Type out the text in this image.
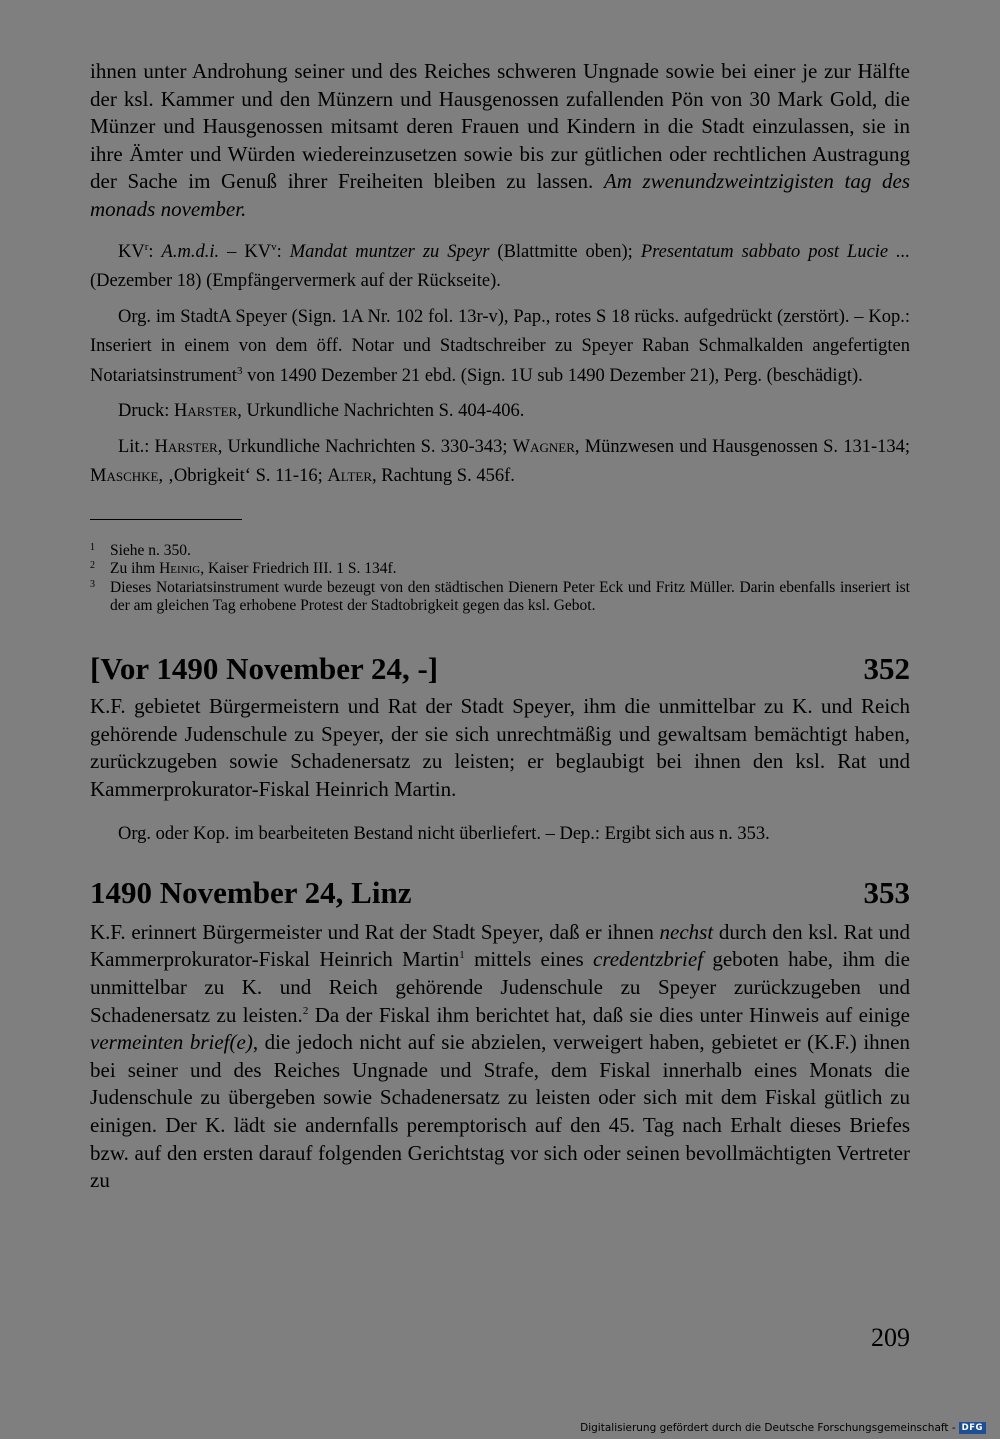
ihnen unter Androhung seiner und des Reiches schweren Ungnade sowie bei einer je zur Hälfte der ksl. Kammer und den Münzern und Hausgenossen zufallenden Pön von 30 Mark Gold, die Münzer und Hausgenossen mitsamt deren Frauen und Kindern in die Stadt einzulassen, sie in ihre Ämter und Würden wiedereinzusetzen sowie bis zur gütlichen oder rechtlichen Austragung der Sache im Genuß ihrer Freiheiten bleiben zu lassen. Am zwenundzweintzigisten tag des monads november.

$KV^r$: A.m.d.i. – $KV^v$: Mandat muntzer zu Speyr (Blattmitte oben); Presentatum sabbato post Lucie ... (Dezember 18) (Empfängervermerk auf der Rückseite).

Org. im StadtA Speyer (Sign. 1A Nr. 102 fol. 13r-v), Pap., rotes S 18 rücks. aufgedrückt (zerstört). – Kop.: Inseriert in einem von dem öff. Notar und Stadtschreiber zu Speyer Raban Schmalkalden angefertigten Notariatsinstrument$^3$ von 1490 Dezember 21 ebd. (Sign. 1U sub 1490 Dezember 21), Perg. (beschädigt).

Druck: Harster, Urkundliche Nachrichten S. 404-406.

Lit.: Harster, Urkundliche Nachrichten S. 330-343; Wagner, Münzwesen und Hausgenossen S. 131-134; Maschke, ‚Obrigkeit‘ S. 11-16; Alter, Rachtung S. 456f.

1 Siehe n. 350.

2 Zu ihm Heinig, Kaiser Friedrich III. 1 S. 134f.

3 Dieses Notariatsinstrument wurde bezeugt von den städtischen Dienern Peter Eck und Fritz Müller. Darin ebenfalls inseriert ist der am gleichen Tag erhobene Protest der Stadtobrigkeit gegen das ksl. Gebot.

[Vor 1490 November 24, -]	352

K.F. gebietet Bürgermeistern und Rat der Stadt Speyer, ihm die unmittelbar zu K. und Reich gehörende Judenschule zu Speyer, der sie sich unrechtmäßig und gewaltsam bemächtigt haben, zurückzugeben sowie Schadenersatz zu leisten; er beglaubigt bei ihnen den ksl. Rat und Kammerprokurator-Fiskal Heinrich Martin.

Org. oder Kop. im bearbeiteten Bestand nicht überliefert. – Dep.: Ergibt sich aus n. 353.

1490 November 24, Linz	353

K.F. erinnert Bürgermeister und Rat der Stadt Speyer, daß er ihnen nechst durch den ksl. Rat und Kammerprokurator-Fiskal Heinrich Martin$^1$ mittels eines credentzbrief geboten habe, ihm die unmittelbar zu K. und Reich gehörende Judenschule zu Speyer zurückzugeben und Schadenersatz zu leisten.$^2$ Da der Fiskal ihm berichtet hat, daß sie dies unter Hinweis auf einige vermeinten brief(e), die jedoch nicht auf sie abzielen, verweigert haben, gebietet er (K.F.) ihnen bei seiner und des Reiches Ungnade und Strafe, dem Fiskal innerhalb eines Monats die Judenschule zu übergeben sowie Schadenersatz zu leisten oder sich mit dem Fiskal gütlich zu einigen. Der K. lädt sie andernfalls peremptorisch auf den 45. Tag nach Erhalt dieses Briefes bzw. auf den ersten darauf folgenden Gerichtstag vor sich oder seinen bevollmächtigten Vertreter zu

209
Digitalisierung gefördert durch die Deutsche Forschungsgemeinschaft - DFG
